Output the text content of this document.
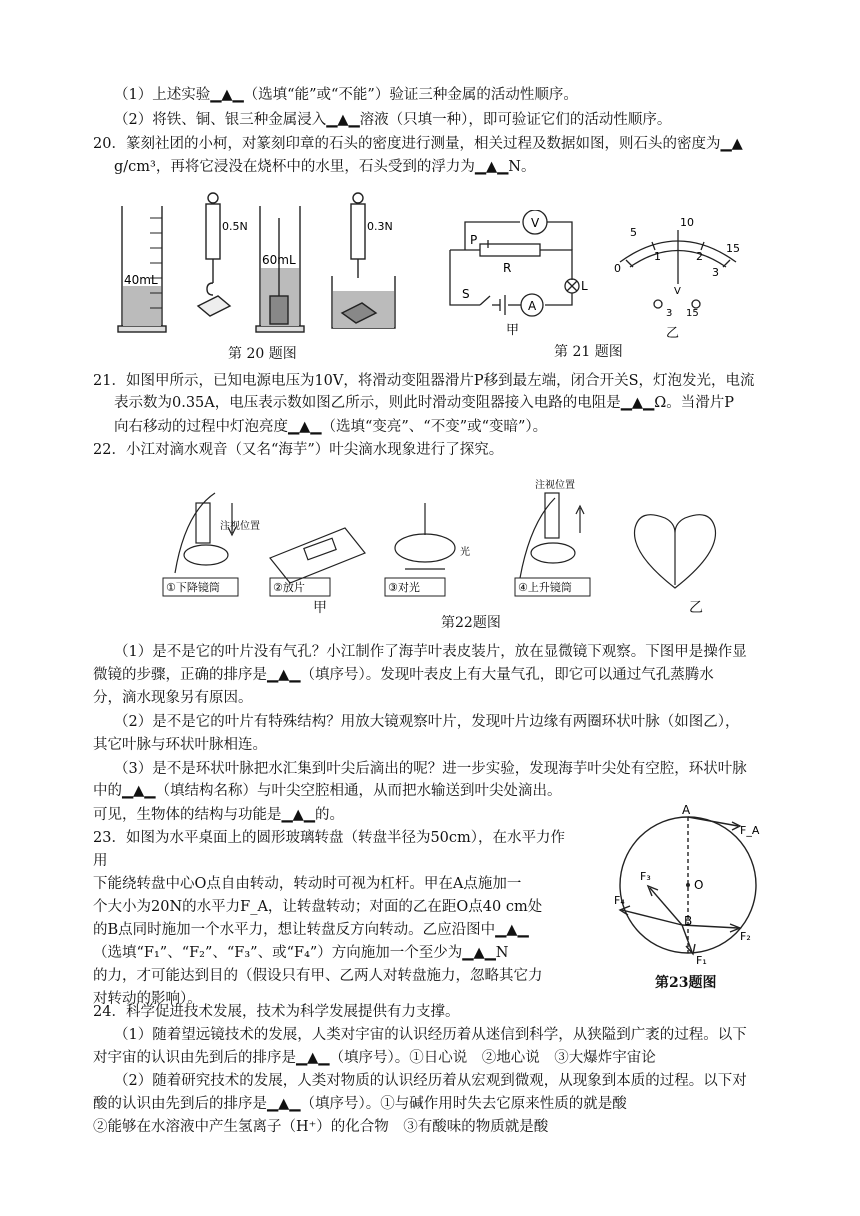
（1）上述实验▁▲▁（选填“能”或“不能”）验证三种金属的活动性顺序。
（2）将铁、铜、银三种金属浸入▁▲▁溶液（只填一种），即可验证它们的活动性顺序。
20．篆刻社团的小柯，对篆刻印章的石头的密度进行测量，相关过程及数据如图，则石头的密度为▁▲
g/cm³，再将它浸没在烧杯中的水里，石头受到的浮力为▁▲▁N。
40mL
60mL
0.5N	0.3N
第 20 题图
P
R
V
A
L
S
甲
5
10
15
0
1	2
3
V
3 15
乙
第 21 题图
21．如图甲所示，已知电源电压为10V，将滑动变阻器滑片P移到最左端，闭合开关S，灯泡发光，电流
表示数为0.35A，电压表示数如图乙所示，则此时滑动变阻器接入电路的电阻是▁▲▁Ω。当滑片P
向右移动的过程中灯泡亮度▁▲▁（选填“变亮”、“不变”或“变暗”）。
22．小江对滴水观音（又名“海芋”）叶尖滴水现象进行了探究。
①下降镜筒	②放片	③对光	④上升镜筒
注视位置
注视位置
光
甲
第22题图
乙
（1）是不是它的叶片没有气孔？小江制作了海芋叶表皮装片，放在显微镜下观察。下图甲是操作显
微镜的步骤，正确的排序是▁▲▁（填序号）。发现叶表皮上有大量气孔，即它可以通过气孔蒸腾水
分，滴水现象另有原因。
（2）是不是它的叶片有特殊结构？用放大镜观察叶片，发现叶片边缘有两圈环状叶脉（如图乙），
其它叶脉与环状叶脉相连。
（3）是不是环状叶脉把水汇集到叶尖后滴出的呢？进一步实验，发现海芋叶尖处有空腔，环状叶脉
中的▁▲▁（填结构名称）与叶尖空腔相通，从而把水输送到叶尖处滴出。
可见，生物体的结构与功能是▁▲▁的。
23．如图为水平桌面上的圆形玻璃转盘（转盘半径为50cm），在水平力作
用
下能绕转盘中心O点自由转动，转动时可视为杠杆。甲在A点施加一
个大小为20N的水平力F_A，让转盘转动；对面的乙在距O点40 cm处
的B点同时施加一个水平力，想让转盘反方向转动。乙应沿图中▁▲▁
（选填“F₁”、“F₂”、“F₃”、或“F₄”）方向施加一个至少为▁▲▁N
的力，才可能达到目的（假设只有甲、乙两人对转盘施力，忽略其它力
对转动的影响）。
A
O
B
F_A
F₃
F₄
F₂
F₁
第23题图
24．科学促进技术发展，技术为科学发展提供有力支撑。
（1）随着望远镜技术的发展，人类对宇宙的认识经历着从迷信到科学，从狭隘到广袤的过程。以下
对宇宙的认识由先到后的排序是▁▲▁（填序号）。①日心说　②地心说　③大爆炸宇宙论
（2）随着研究技术的发展，人类对物质的认识经历着从宏观到微观，从现象到本质的过程。以下对
酸的认识由先到后的排序是▁▲▁（填序号）。①与碱作用时失去它原来性质的就是酸
②能够在水溶液中产生氢离子（H⁺）的化合物　③有酸味的物质就是酸
